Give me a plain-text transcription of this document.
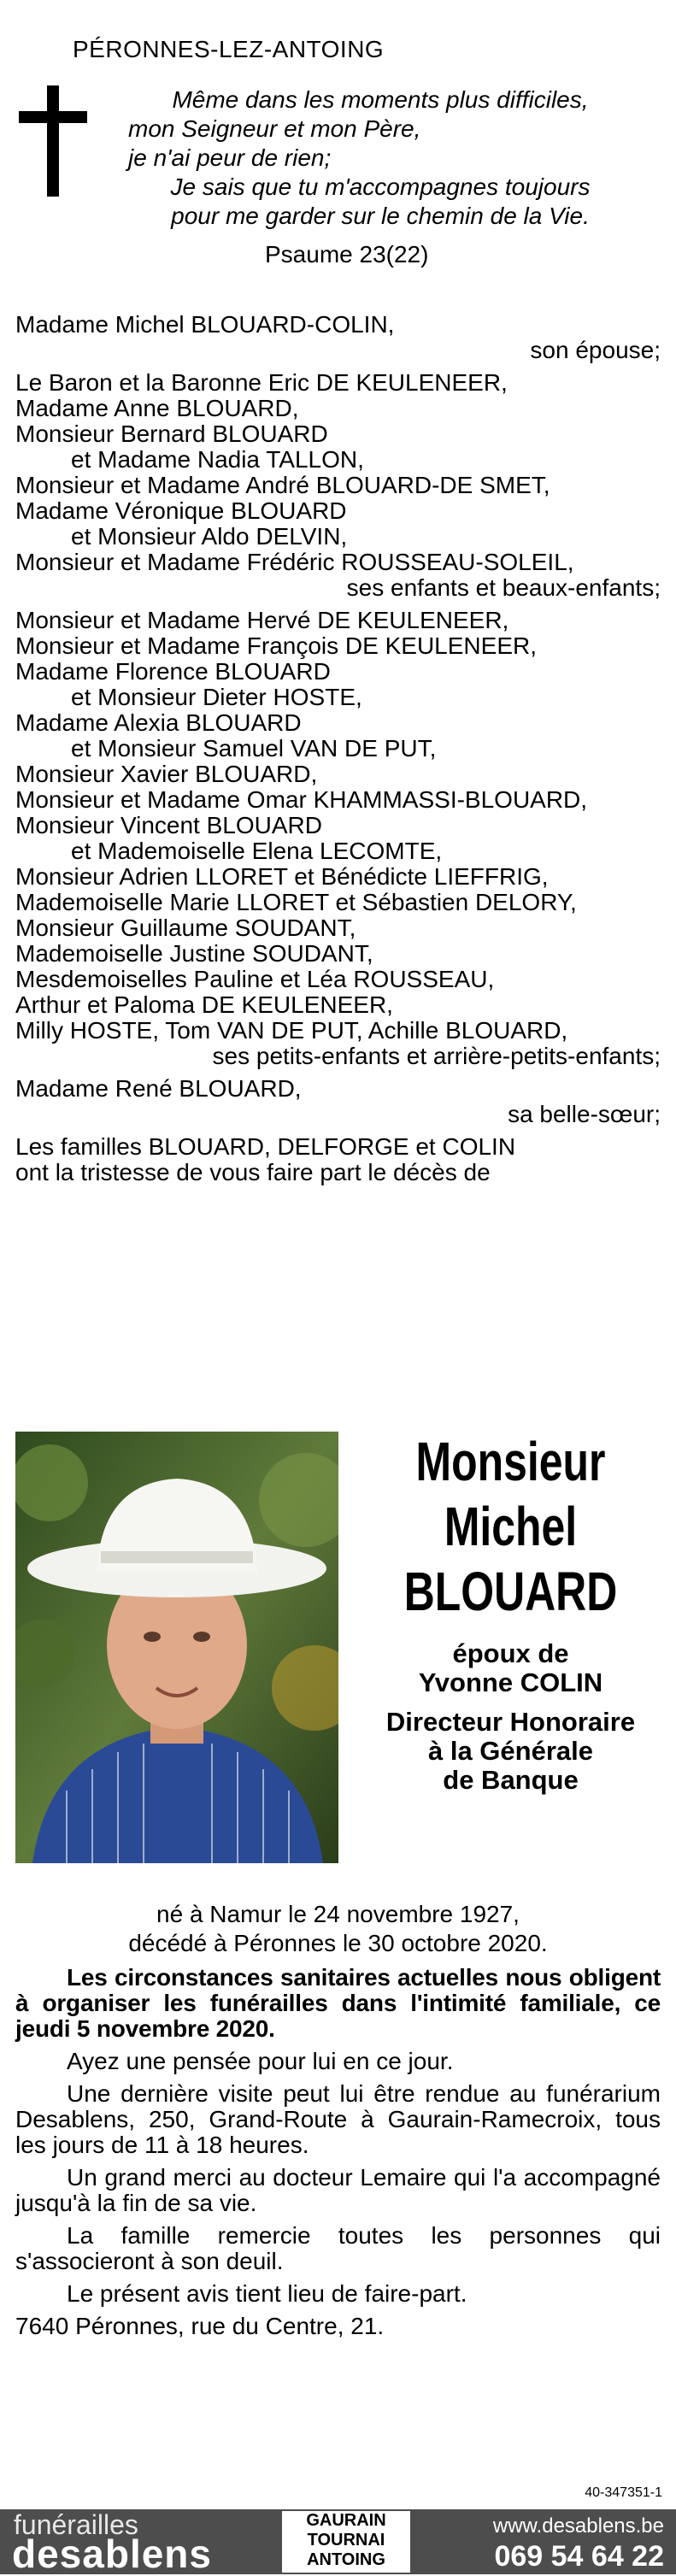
PÉRONNES-LEZ-ANTOING
Même dans les moments plus difficiles,
mon Seigneur et mon Père,
je n'ai peur de rien;
Je sais que tu m'accompagnes toujours
pour me garder sur le chemin de la Vie.
Psaume 23(22)
Madame Michel BLOUARD-COLIN,
son épouse;
Le Baron et la Baronne Eric DE KEULENEER,
Madame Anne BLOUARD,
Monsieur Bernard BLOUARD
et Madame Nadia TALLON,
Monsieur et Madame André BLOUARD-DE SMET,
Madame Véronique BLOUARD
et Monsieur Aldo DELVIN,
Monsieur et Madame Frédéric ROUSSEAU-SOLEIL,
ses enfants et beaux-enfants;
Monsieur et Madame Hervé DE KEULENEER,
Monsieur et Madame François DE KEULENEER,
Madame Florence BLOUARD
et Monsieur Dieter HOSTE,
Madame Alexia BLOUARD
et Monsieur Samuel VAN DE PUT,
Monsieur Xavier BLOUARD,
Monsieur et Madame Omar KHAMMASSI-BLOUARD,
Monsieur Vincent BLOUARD
et Mademoiselle Elena LECOMTE,
Monsieur Adrien LLORET et Bénédicte LIEFFRIG,
Mademoiselle Marie LLORET et Sébastien DELORY,
Monsieur Guillaume SOUDANT,
Mademoiselle Justine SOUDANT,
Mesdemoiselles Pauline et Léa ROUSSEAU,
Arthur et Paloma DE KEULENEER,
Milly HOSTE, Tom VAN DE PUT, Achille BLOUARD,
ses petits-enfants et arrière-petits-enfants;
Madame René BLOUARD,
sa belle-sœur;
Les familles BLOUARD, DELFORGE et COLIN
ont la tristesse de vous faire part le décès de
Monsieur
Michel
BLOUARD
époux de
Yvonne COLIN
Directeur Honoraire
à la Générale
de Banque
né à Namur le 24 novembre 1927,
décédé à Péronnes le 30 octobre 2020.
Les circonstances sanitaires actuelles nous obligent à organiser les funérailles dans l'intimité familiale, ce jeudi 5 novembre 2020.
Ayez une pensée pour lui en ce jour.
Une dernière visite peut lui être rendue au funérarium Desablens, 250, Grand-Route à Gaurain-Ramecroix, tous les jours de 11 à 18 heures.
Un grand merci au docteur Lemaire qui l'a accompagné jusqu'à la fin de sa vie.
La famille remercie toutes les personnes qui s'associeront à son deuil.
Le présent avis tient lieu de faire-part.
7640 Péronnes, rue du Centre, 21.
40-347351-1
funérailles
desablens
GAURAIN
TOURNAI
ANTOING
www.desablens.be
069 54 64 22
